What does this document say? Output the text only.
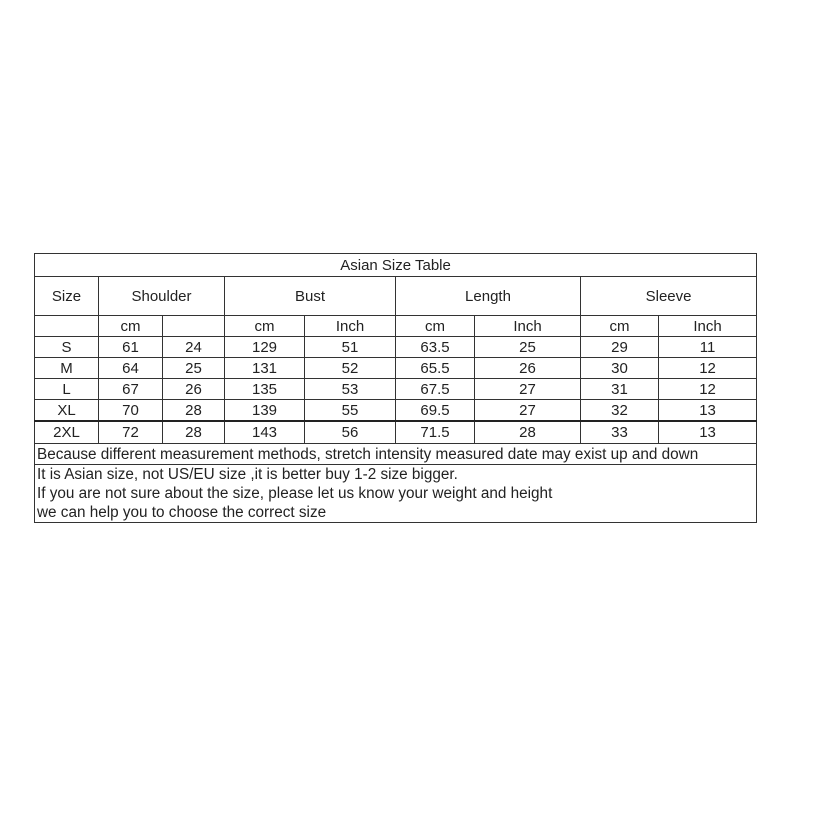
Asian Size Table								
Size	Shoulder		Bust		Length		Sleeve	
	cm		cm	Inch	cm	Inch	cm	Inch
S	61	24	129	51	63.5	25	29	11
M	64	25	131	52	65.5	26	30	12
L	67	26	135	53	67.5	27	31	12
XL	70	28	139	55	69.5	27	32	13
2XL	72	28	143	56	71.5	28	33	13
Because different measurement methods, stretch intensity measured date may exist up and down								

It is Asian size, not US/EU size ,it is better buy 1-2 size bigger.
If you are not sure about the size, please let us know your weight and height
we can help you to choose the correct size								
